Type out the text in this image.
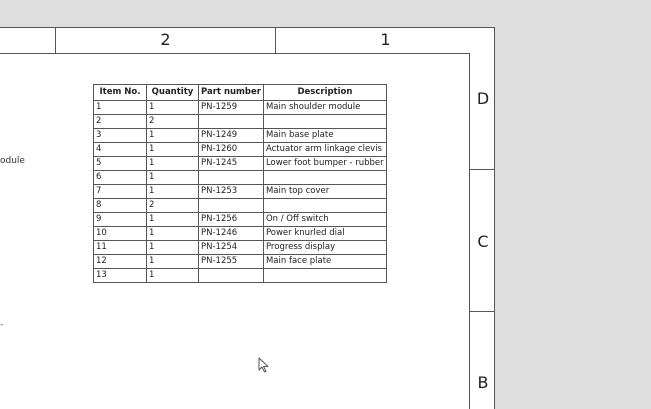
2	1
D
C
B
odule
-
Item No.	Quantity	Part number	Description
1	1	PN-1259	Main shoulder module
2	2		
3	1	PN-1249	Main base plate
4	1	PN-1260	Actuator arm linkage clevis
5	1	PN-1245	Lower foot bumper - rubber
6	1		
7	1	PN-1253	Main top cover
8	2		
9	1	PN-1256	On / Off switch
10	1	PN-1246	Power knurled dial
11	1	PN-1254	Progress display
12	1	PN-1255	Main face plate
13	1		
